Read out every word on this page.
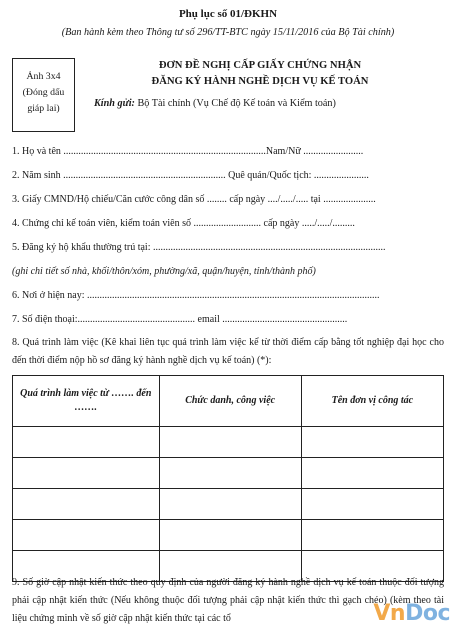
Phụ lục số 01/ĐKHN
(Ban hành kèm theo Thông tư số 296/TT-BTC ngày 15/11/2016 của Bộ Tài chính)
Ảnh 3x4
(Đóng dấu
giáp lai)
ĐƠN ĐỀ NGHỊ CẤP GIẤY CHỨNG NHẬN
ĐĂNG KÝ HÀNH NGHỀ DỊCH VỤ KẾ TOÁN
Kính gửi: Bộ Tài chính (Vụ Chế độ Kế toán và Kiểm toán)
1. Họ và tên .................................................................................Nam/Nữ ........................
2. Năm sinh ................................................................. Quê quán/Quốc tịch: ......................
3. Giấy CMND/Hộ chiếu/Căn cước công dân số ........ cấp ngày ..../...../..... tại .....................
4. Chứng chỉ kế toán viên, kiểm toán viên số ........................... cấp ngày ...../...../.........
5. Đăng ký hộ khẩu thường trú tại: .............................................................................................
(ghi chi tiết số nhà, khối/thôn/xóm, phường/xã, quận/huyện, tỉnh/thành phố)
6. Nơi ở hiện nay: .....................................................................................................................
7. Số điện thoại:............................................... email ..................................................
8. Quá trình làm việc (Kê khai liên tục quá trình làm việc kể từ thời điểm cấp bằng tốt nghiệp đại học cho đến thời điểm nộp hồ sơ đăng ký hành nghề dịch vụ kế toán) (*):
Quá trình làm việc từ ……. đến …….	Chức danh, công việc	Tên đơn vị công tác

9. Số giờ cập nhật kiến thức theo quy định của người đăng ký hành nghề dịch vụ kế toán thuộc đối tượng phải cập nhật kiến thức (Nếu không thuộc đối tượng phải cập nhật kiến thức thì gạch chéo) (kèm theo tài liệu chứng minh về số giờ cập nhật kiến thức tại các tổ	VnDoc
